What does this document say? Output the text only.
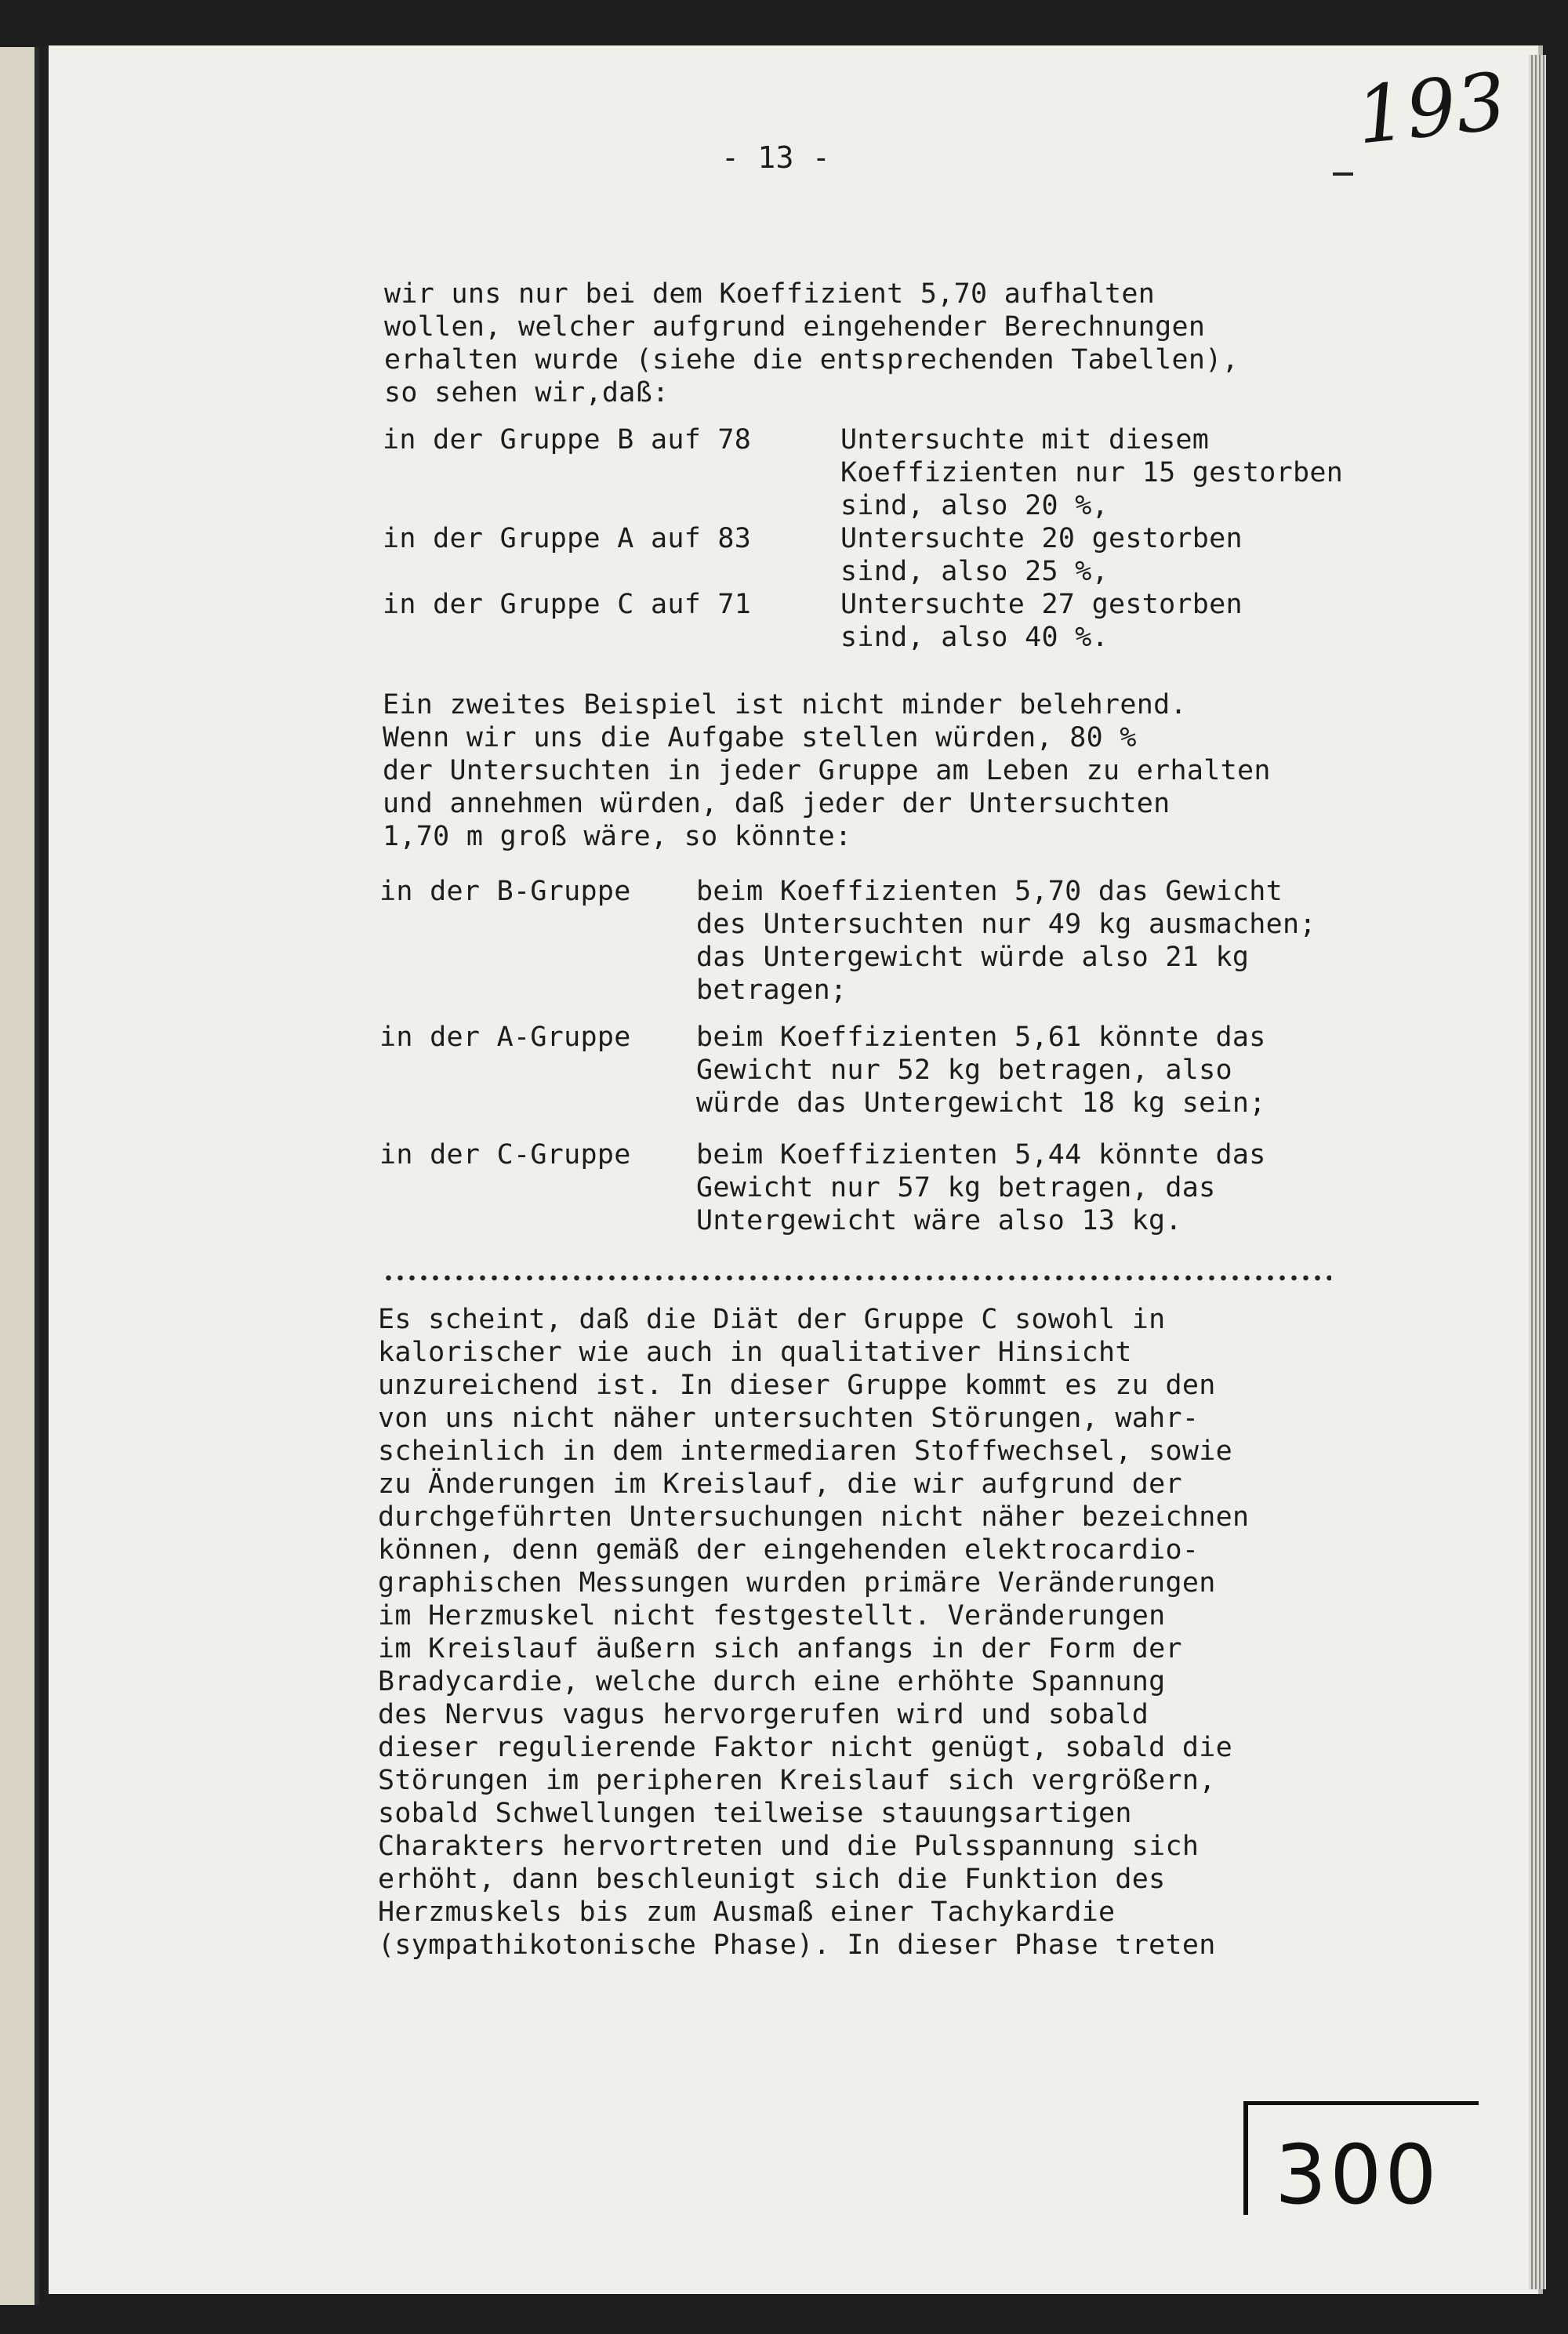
- 13 -	193
wir uns nur bei dem Koeffizient 5,70 aufhalten
wollen, welcher aufgrund eingehender Berechnungen
erhalten wurde (siehe die entsprechenden Tabellen),
so sehen wir,daß:
in der Gruppe B auf 78	Untersuchte mit diesem
Koeffizienten nur 15 gestorben
sind, also 20 %,
in der Gruppe A auf 83	Untersuchte 20 gestorben
sind, also 25 %,
in der Gruppe C auf 71	Untersuchte 27 gestorben
sind, also 40 %.
Ein zweites Beispiel ist nicht minder belehrend.
Wenn wir uns die Aufgabe stellen würden, 80 %
der Untersuchten in jeder Gruppe am Leben zu erhalten
und annehmen würden, daß jeder der Untersuchten
1,70 m groß wäre, so könnte:
in der B-Gruppe beim Koeffizienten 5,70 das Gewicht
des Untersuchten nur 49 kg ausmachen;
das Untergewicht würde also 21 kg
betragen;
in der A-Gruppe beim Koeffizienten 5,61 könnte das
Gewicht nur 52 kg betragen, also
würde das Untergewicht 18 kg sein;
in der C-Gruppe beim Koeffizienten 5,44 könnte das
Gewicht nur 57 kg betragen, das
Untergewicht wäre also 13 kg.
Es scheint, daß die Diät der Gruppe C sowohl in
kalorischer wie auch in qualitativer Hinsicht
unzureichend ist. In dieser Gruppe kommt es zu den
von uns nicht näher untersuchten Störungen, wahr-
scheinlich in dem intermediaren Stoffwechsel, sowie
zu Änderungen im Kreislauf, die wir aufgrund der
durchgeführten Untersuchungen nicht näher bezeichnen
können, denn gemäß der eingehenden elektrocardio-
graphischen Messungen wurden primäre Veränderungen
im Herzmuskel nicht festgestellt. Veränderungen
im Kreislauf äußern sich anfangs in der Form der
Bradycardie, welche durch eine erhöhte Spannung
des Nervus vagus hervorgerufen wird und sobald
dieser regulierende Faktor nicht genügt, sobald die
Störungen im peripheren Kreislauf sich vergrößern,
sobald Schwellungen teilweise stauungsartigen
Charakters hervortreten und die Pulsspannung sich
erhöht, dann beschleunigt sich die Funktion des
Herzmuskels bis zum Ausmaß einer Tachykardie
(sympathikotonische Phase). In dieser Phase treten
300
